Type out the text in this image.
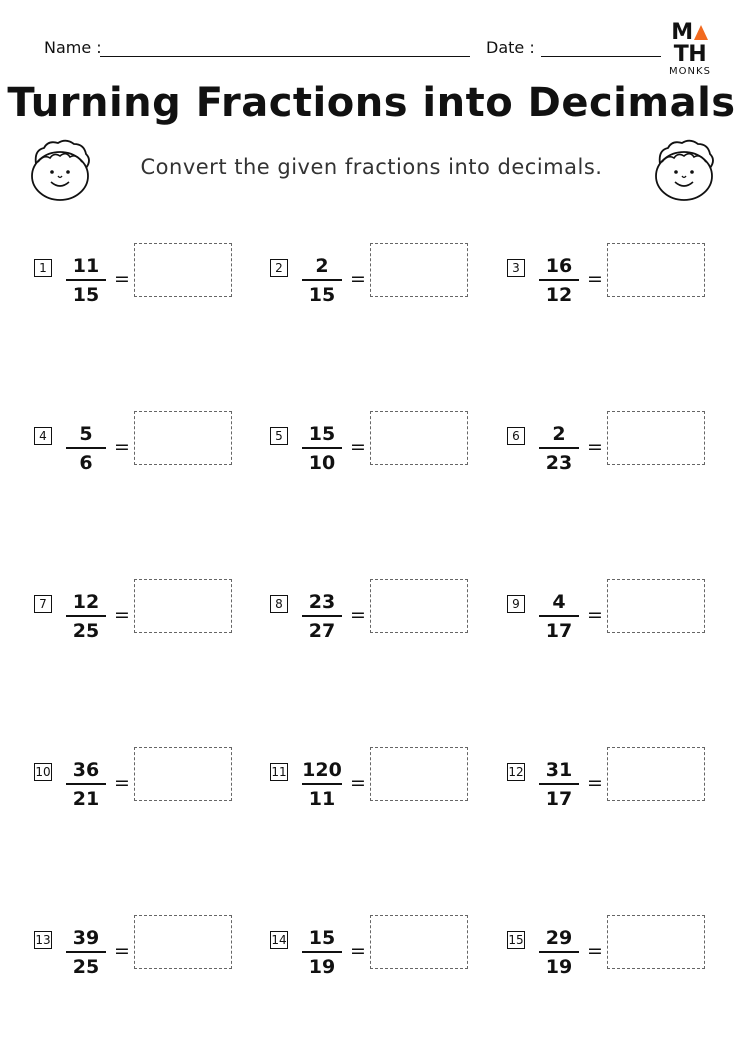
Name :	Date :
MTH
MONKS
Turning Fractions into Decimals
Convert the given fractions into decimals.
1	11
15
=	2	2
15
=	3	16
12
=
4	5
6
=	5	15
10
=	6	2
23
=
7	12
25
=	8	23
27
=	9	4
17
=
10	36
21
=	11 120
11
=	12	31
17
=
13	39
25
=	14	15
19
=	15	29
19
=
